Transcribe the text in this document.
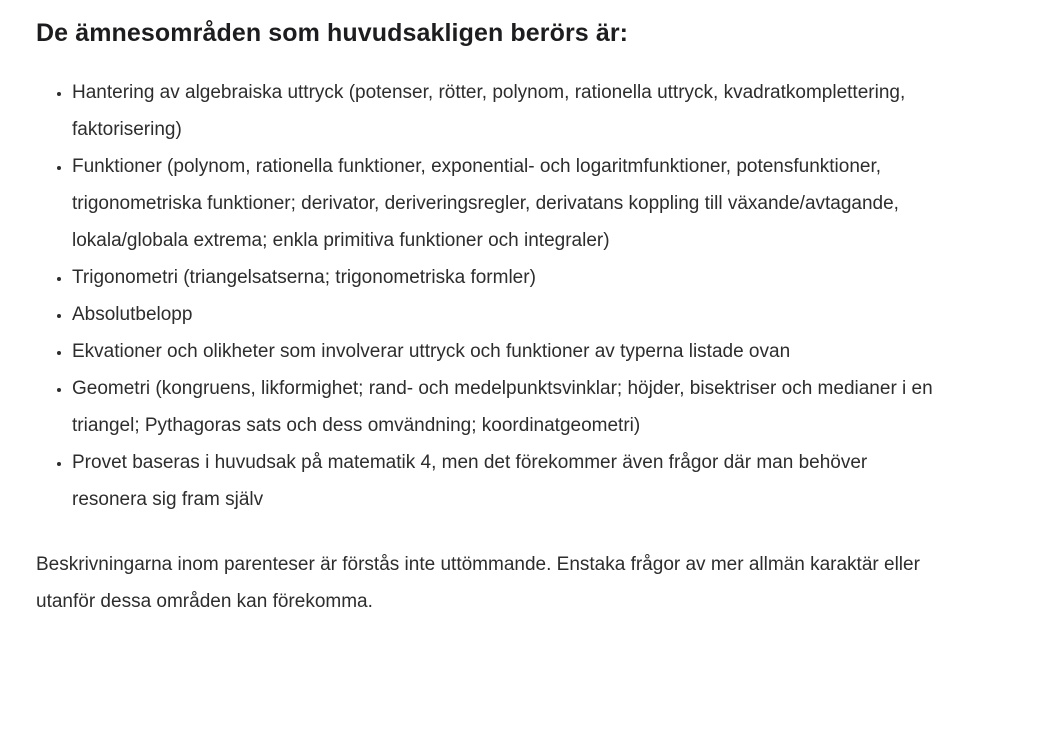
De ämnesområden som huvudsakligen berörs är:
• Hantering av algebraiska uttryck (potenser, rötter, polynom, rationella uttryck, kvadratkomplettering, faktorisering)
• Funktioner (polynom, rationella funktioner, exponential- och logaritmfunktioner, potensfunktioner, trigonometriska funktioner; derivator, deriveringsregler, derivatans koppling till växande/avtagande, lokala/globala extrema; enkla primitiva funktioner och integraler)
• Trigonometri (triangelsatserna; trigonometriska formler)
• Absolutbelopp
• Ekvationer och olikheter som involverar uttryck och funktioner av typerna listade ovan
• Geometri (kongruens, likformighet; rand- och medelpunktsvinklar; höjder, bisektriser och medianer i en triangel; Pythagoras sats och dess omvändning; koordinatgeometri)
• Provet baseras i huvudsak på matematik 4, men det förekommer även frågor där man behöver resonera sig fram själv

Beskrivningarna inom parenteser är förstås inte uttömmande. Enstaka frågor av mer allmän karaktär eller utanför dessa områden kan förekomma.
